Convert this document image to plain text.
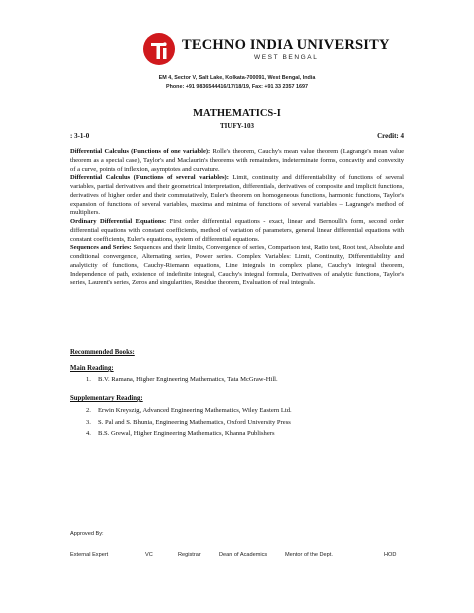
TECHNO INDIA UNIVERSITY
WEST BENGAL
EM 4, Sector V, Salt Lake, Kolkata-700091, West Bengal, India
Phone: +91 9836544416/17/18/19, Fax: +91 33 2357 1697
MATHEMATICS-I
TIUFY-103
: 3-1-0	Credit: 4

Differential Calculus (Functions of one variable): Rolle's theorem, Cauchy's mean value theorem (Lagrange's mean value theorem as a special case), Taylor's and Maclaurin's theorems with remainders, indeterminate forms, concavity and convexity of a curve, points of inflexion, asymptotes and curvature.

Differential Calculus (Functions of several variables): Limit, continuity and differentiability of functions of several variables, partial derivatives and their geometrical interpretation, differentials, derivatives of composite and implicit functions, derivatives of higher order and their commutatively, Euler's theorem on homogeneous functions, harmonic functions, Taylor's expansion of functions of several variables, maxima and minima of functions of several variables – Lagrange's method of multipliers.

Ordinary Differential Equations: First order differential equations - exact, linear and Bernoulli's form, second order differential equations with constant coefficients, method of variation of parameters, general linear differential equations with constant coefficients, Euler's equations, system of differential equations.

Sequences and Series: Sequences and their limits, Convergence of series, Comparison test, Ratio test, Root test, Absolute and conditional convergence, Alternating series, Power series. Complex Variables: Limit, Continuity, Differentiability and analyticity of functions, Cauchy-Riemann equations, Line integrals in complex plane, Cauchy's integral theorem, Independence of path, existence of indefinite integral, Cauchy's integral formula, Derivatives of analytic functions, Taylor's series, Laurent's series, Zeros and singularities, Residue theorem, Evaluation of real integrals.

Recommended Books:
Main Reading:
1. B.V. Ramana, Higher Engineering Mathematics, Tata McGraw-Hill.
Supplementary Reading:
2. Erwin Kreyszig, Advanced Engineering Mathematics, Wiley Eastern Ltd.
3. S. Pal and S. Bhunia, Engineering Mathematics, Oxford University Press
4. B.S. Grewal, Higher Engineering Mathematics, Khanna Publishers
Approved By:
External Expert	VC	Registrar	Dean of Academics	Mentor of the Dept.	HOD
